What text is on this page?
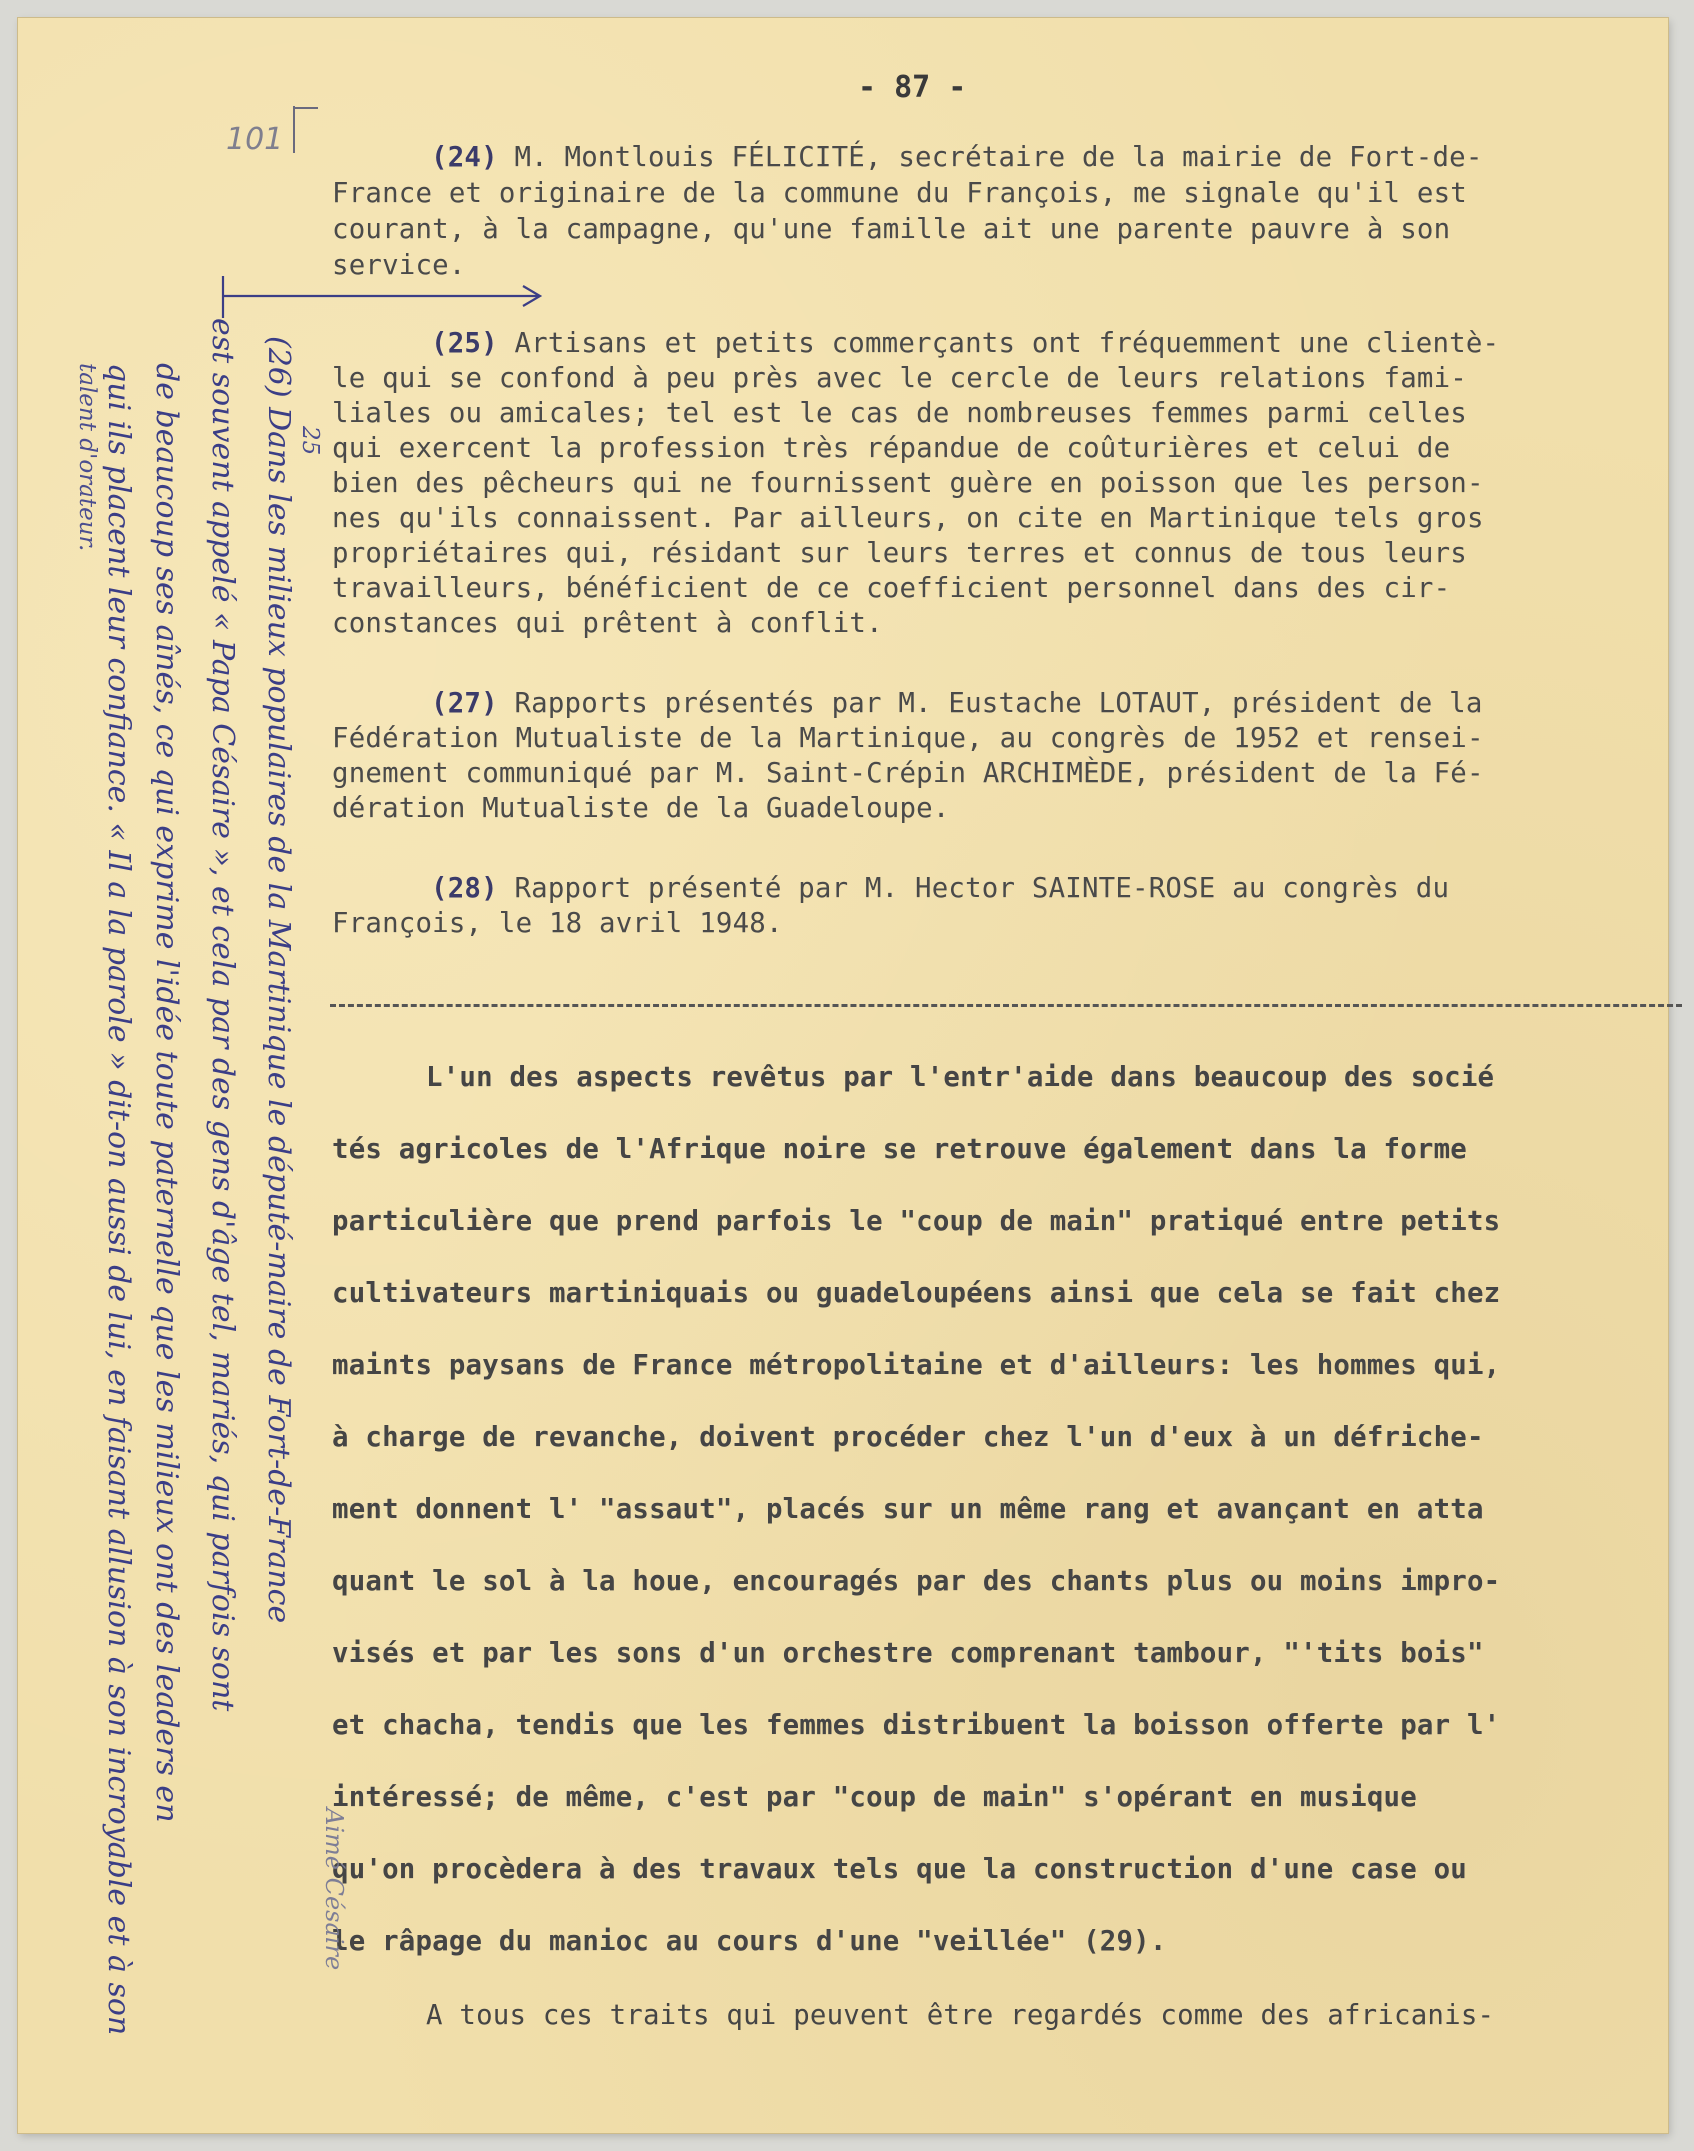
- 87 -

101

(24) M. Montlouis FÉLICITÉ, secrétaire de la mairie de Fort-de-

France et originaire de la commune du François, me signale qu'il est

courant, à la campagne, qu'une famille ait une parente pauvre à son

service.

(25) Artisans et petits commerçants ont fréquemment une clientè-

le qui se confond à peu près avec le cercle de leurs relations fami-

liales ou amicales; tel est le cas de nombreuses femmes parmi celles

qui exercent la profession très répandue de coûturières et celui de

bien des pêcheurs qui ne fournissent guère en poisson que les person-

nes qu'ils connaissent. Par ailleurs, on cite en Martinique tels gros

propriétaires qui, résidant sur leurs terres et connus de tous leurs

travailleurs, bénéficient de ce coefficient personnel dans des cir-

constances qui prêtent à conflit.

(27) Rapports présentés par M. Eustache LOTAUT, président de la

Fédération Mutualiste de la Martinique, au congrès de 1952 et rensei-

gnement communiqué par M. Saint-Crépin ARCHIMÈDE, président de la Fé-

dération Mutualiste de la Guadeloupe.

(28) Rapport présenté par M. Hector SAINTE-ROSE au congrès du

François, le 18 avril 1948.

L'un des aspects revêtus par l'entr'aide dans beaucoup des socié

tés agricoles de l'Afrique noire se retrouve également dans la forme

particulière que prend parfois le "coup de main" pratiqué entre petits

cultivateurs martiniquais ou guadeloupéens ainsi que cela se fait chez

maints paysans de France métropolitaine et d'ailleurs: les hommes qui,

à charge de revanche, doivent procéder chez l'un d'eux à un défriche-

ment donnent l' "assaut", placés sur un même rang et avançant en atta

quant le sol à la houe, encouragés par des chants plus ou moins impro-

visés et par les sons d'un orchestre comprenant tambour, "'tits bois"

et chacha, tendis que les femmes distribuent la boisson offerte par l'

intéressé; de même, c'est par "coup de main" s'opérant en musique

qu'on procèdera à des travaux tels que la construction d'une case ou

le râpage du manioc au cours d'une "veillée" (29).

A tous ces traits qui peuvent être regardés comme des africanis-

25
(26) Dans les milieux populaires de la Martinique le député-maire de Fort-de-France
est souvent appelé « Papa Césaire », et cela par des gens d'âge tel, mariés, qui parfois sont
de beaucoup ses aînés, ce qui exprime l'idée toute paternelle que les milieux ont des leaders en
qui ils placent leur confiance. « Il a la parole » dit-on aussi de lui, en faisant allusion à son incroyable et à son
talent d'orateur.
Aimé Césaire
